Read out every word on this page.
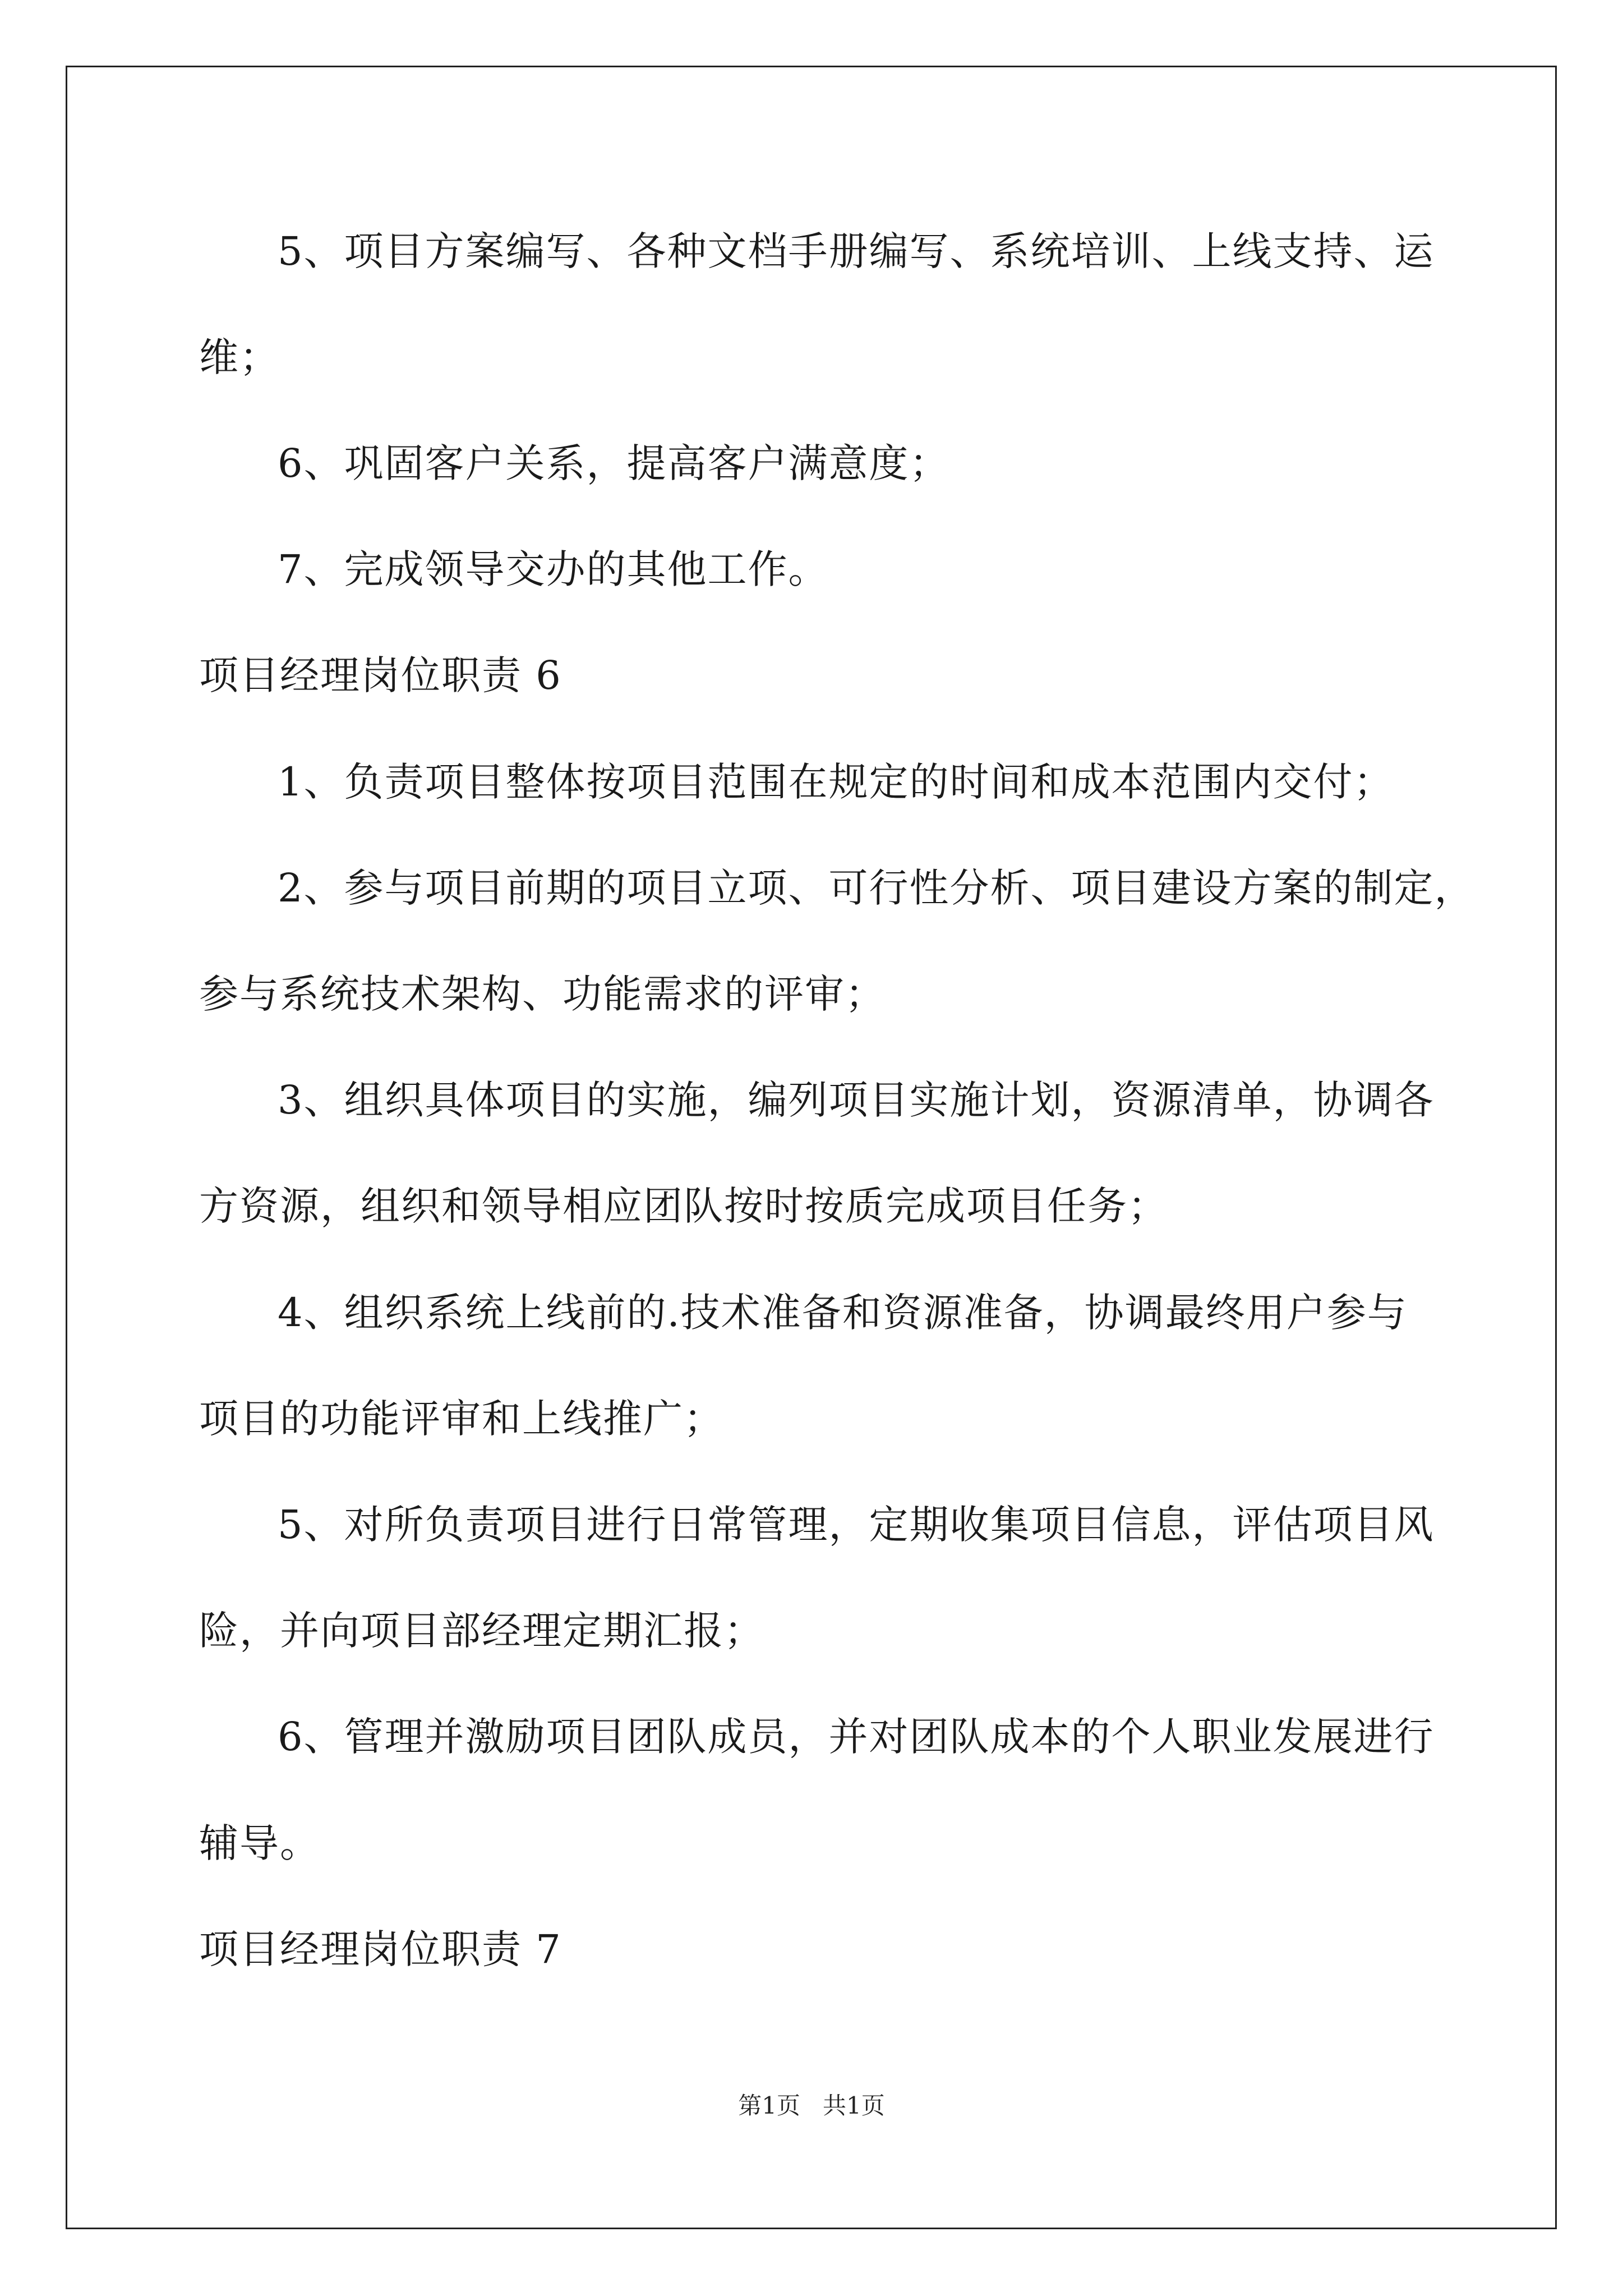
5、项目方案编写、各种文档手册编写、系统培训、上线支持、运
维；
6、巩固客户关系，提高客户满意度；
7、完成领导交办的其他工作。
项目经理岗位职责 6
1、负责项目整体按项目范围在规定的时间和成本范围内交付；
2、参与项目前期的项目立项、可行性分析、项目建设方案的制定，
参与系统技术架构、功能需求的评审；
3、组织具体项目的实施，编列项目实施计划，资源清单，协调各
方资源，组织和领导相应团队按时按质完成项目任务；
4、组织系统上线前的.技术准备和资源准备，协调最终用户参与
项目的功能评审和上线推广；
5、对所负责项目进行日常管理，定期收集项目信息，评估项目风
险，并向项目部经理定期汇报；
6、管理并激励项目团队成员，并对团队成本的个人职业发展进行
辅导。
项目经理岗位职责 7
第1页   共1页
